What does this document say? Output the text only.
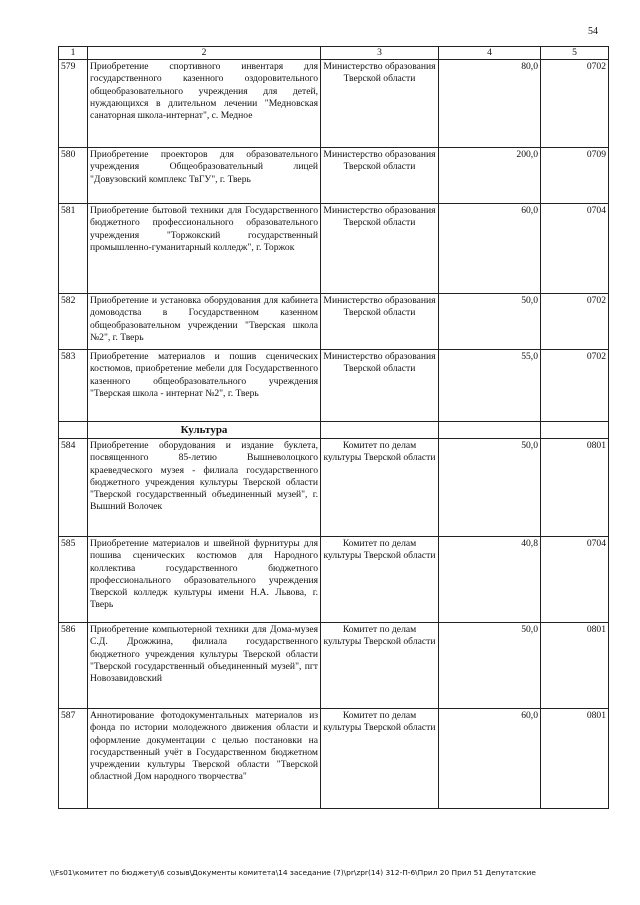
54
1	2	3	4	5
579	Приобретение спортивного инвентаря для государственного казенного оздоровительного общеобразовательного учреждения для детей, нуждающихся в длительном лечении "Медновская санаторная школа-интернат", с. Медное	Министерство образования Тверской области	80,0	0702
580	Приобретение проекторов для образовательного учреждения Общеобразовательный лицей "Довузовский комплекс ТвГУ", г. Тверь	Министерство образования Тверской области	200,0	0709
581	Приобретение бытовой техники для Государственного бюджетного профессионального образовательного учреждения "Торжокский государственный промышленно-гуманитарный колледж", г. Торжок	Министерство образования Тверской области	60,0	0704
582	Приобретение и установка оборудования для кабинета домоводства в Государственном казенном общеобразовательном учреждении "Тверская школа №2", г. Тверь	Министерство образования Тверской области	50,0	0702
583	Приобретение материалов и пошив сценических костюмов, приобретение мебели для Государственного казенного общеобразовательного учреждения "Тверская школа - интернат №2", г. Тверь	Министерство образования Тверской области	55,0	0702
	Культура			
584	Приобретение оборудования и издание буклета, посвященного 85-летию Вышневолоцкого краеведческого музея - филиала государственного бюджетного учреждения культуры Тверской области "Тверской государственный объединенный музей", г. Вышний Волочек	Комитет по делам культуры Тверской области	50,0	0801
585	Приобретение материалов и швейной фурнитуры для пошива сценических костюмов для Народного коллектива государственного бюджетного профессионального образовательного учреждения Тверской колледж культуры имени Н.А. Львова, г. Тверь	Комитет по делам культуры Тверской области	40,8	0704
586	Приобретение компьютерной техники для Дома-музея С.Д. Дрожжина, филиала государственного бюджетного учреждения культуры Тверской области "Тверской государственный объединенный музей", пгт Новозавидовский	Комитет по делам культуры Тверской области	50,0	0801
587	Аннотирование фотодокументальных материалов из фонда по истории молодежного движения области и оформление документации с целью постановки на государственный учёт в Государственном бюджетном учреждении культуры Тверской области "Тверской областной Дом народного творчества"	Комитет по делам культуры Тверской области	60,0	0801
\\Fs01\комитет по бюджету\6 созыв\Документы комитета\14 заседание (7)\pr\zpr(14) 312-П-6\Прил 20 Прил 51 Депутатские
